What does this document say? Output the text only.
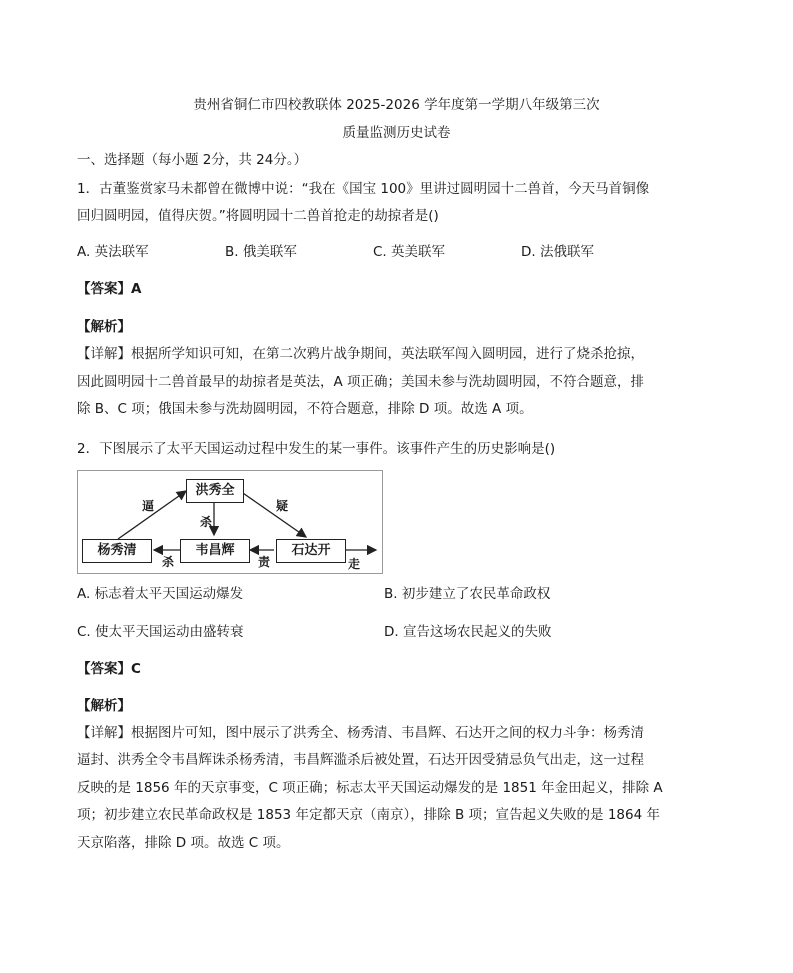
贵州省铜仁市四校教联体 2025-2026 学年度第一学期八年级第三次
质量监测历史试卷
一、选择题（每小题 2分，共 24分。）
1．古董鉴赏家马未都曾在微博中说：“我在《国宝 100》里讲过圆明园十二兽首，今天马首铜像
回归圆明园，值得庆贺。”将圆明园十二兽首抢走的劫掠者是()
A. 英法联军	B. 俄美联军	C. 英美联军	D. 法俄联军
【答案】A
【解析】
【详解】根据所学知识可知，在第二次鸦片战争期间，英法联军闯入圆明园，进行了烧杀抢掠，
因此圆明园十二兽首最早的劫掠者是英法，A 项正确；美国未参与洗劫圆明园，不符合题意，排
除 B、C 项；俄国未参与洗劫圆明园，不符合题意，排除 D 项。故选 A 项。
2．下图展示了太平天国运动过程中发生的某一事件。该事件产生的历史影响是()
洪秀全
杨秀清	韦昌辉	石达开
逼	疑
杀
杀	责	走
A. 标志着太平天国运动爆发	B. 初步建立了农民革命政权
C. 使太平天国运动由盛转衰	D. 宣告这场农民起义的失败
【答案】C
【解析】
【详解】根据图片可知，图中展示了洪秀全、杨秀清、韦昌辉、石达开之间的权力斗争：杨秀清
逼封、洪秀全令韦昌辉诛杀杨秀清，韦昌辉滥杀后被处置，石达开因受猜忌负气出走，这一过程
反映的是 1856 年的天京事变，C 项正确；标志太平天国运动爆发的是 1851 年金田起义，排除 A
项；初步建立农民革命政权是 1853 年定都天京（南京），排除 B 项；宣告起义失败的是 1864 年
天京陷落，排除 D 项。故选 C 项。
